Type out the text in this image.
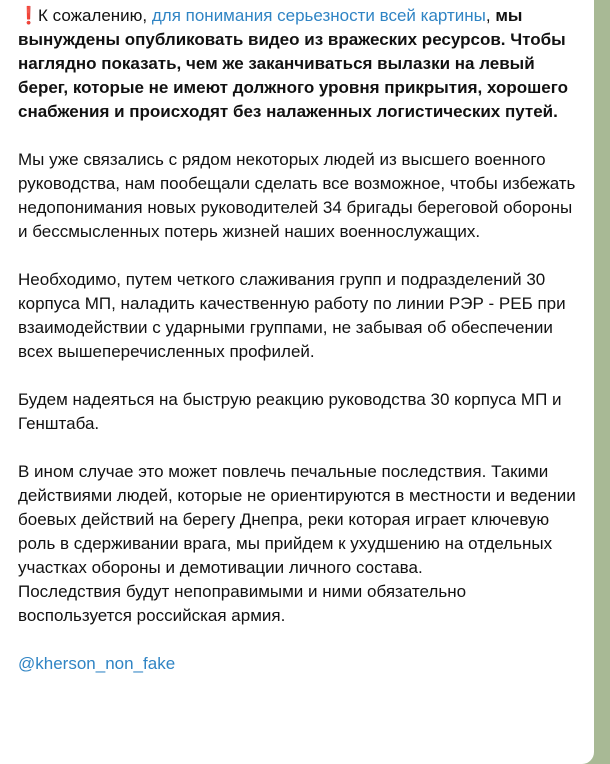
❗К сожалению, для понимания серьезности всей картины, мы вынуждены опубликовать видео из вражеских ресурсов. Чтобы наглядно показать, чем же заканчиваться вылазки на левый берег, которые не имеют должного уровня прикрытия, хорошего снабжения и происходят без налаженных логистических путей.

Мы уже связались с рядом некоторых людей из высшего военного руководства, нам пообещали сделать все возможное, чтобы избежать недопонимания новых руководителей 34 бригады береговой обороны и бессмысленных потерь жизней наших военнослужащих.

Необходимо, путем четкого слаживания групп и подразделений 30 корпуса МП, наладить качественную работу по линии РЭР - РЕБ при взаимодействии с ударными группами, не забывая об обеспечении всех вышеперечисленных профилей.

Будем надеяться на быструю реакцию руководства 30 корпуса МП и Генштаба.

В ином случае это может повлечь печальные последствия. Такими действиями людей, которые не ориентируются в местности и ведении боевых действий на берегу Днепра, реки которая играет ключевую роль в сдерживании врага, мы прийдем к ухудшению на отдельных участках обороны и демотивации личного состава.

Последствия будут непоправимыми и ними обязательно воспользуется российская армия.

@kherson_non_fake
